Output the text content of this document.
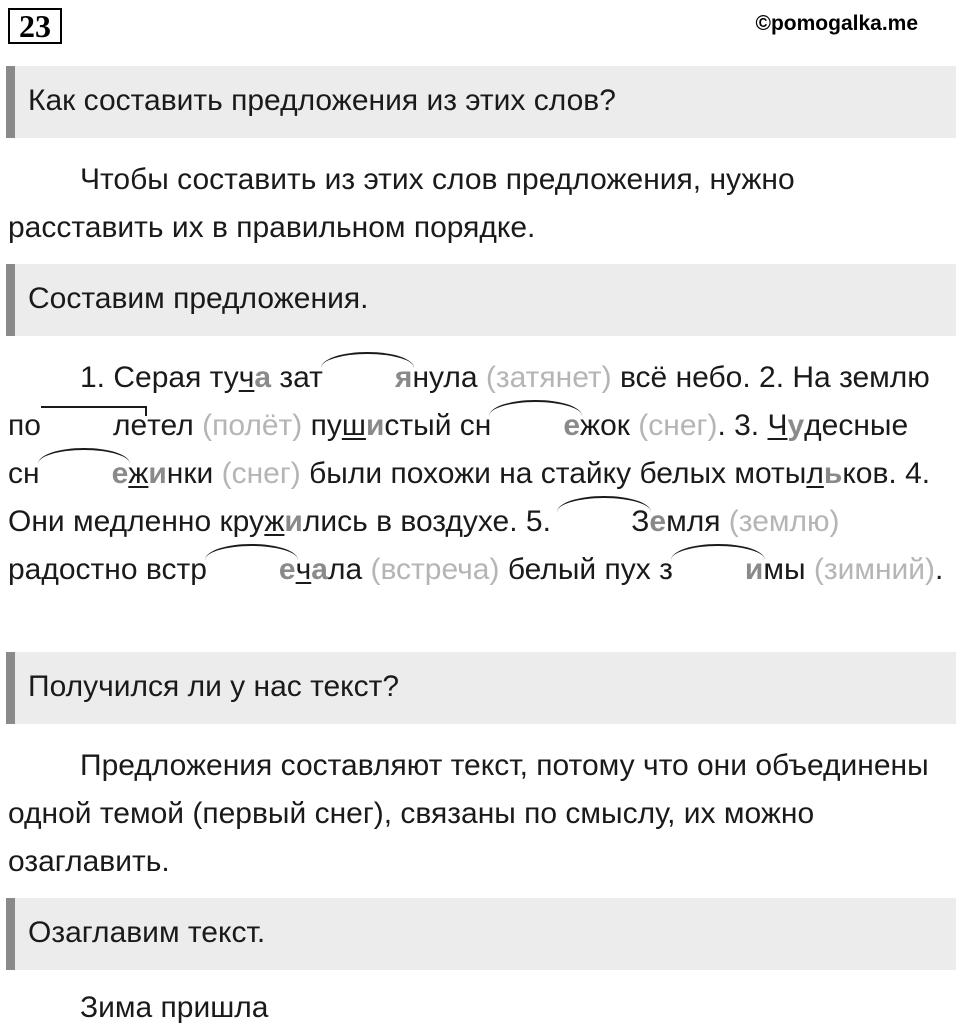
23	©pomogalka.me
Как составить предложения из этих слов?

Чтобы составить из этих слов предложения, нужно расставить их в правильном порядке.

Составим предложения.

1. Серая туча зат янула (затянет) всё небо. 2. На землю по летел (полёт) пушистый сн ежок (снег). 3. Чудесные сн ежинки (снег) были похожи на стайку белых мотыльков. 4. Они медленно кружились в воздухе. 5. Земля (землю) радостно встр ечала (встреча) белый пух з имы (зимний).

Получился ли у нас текст?

Предложения составляют текст, потому что они объединены одной темой (первый снег), связаны по смыслу, их можно озаглавить.

Озаглавим текст.

Зима пришла
